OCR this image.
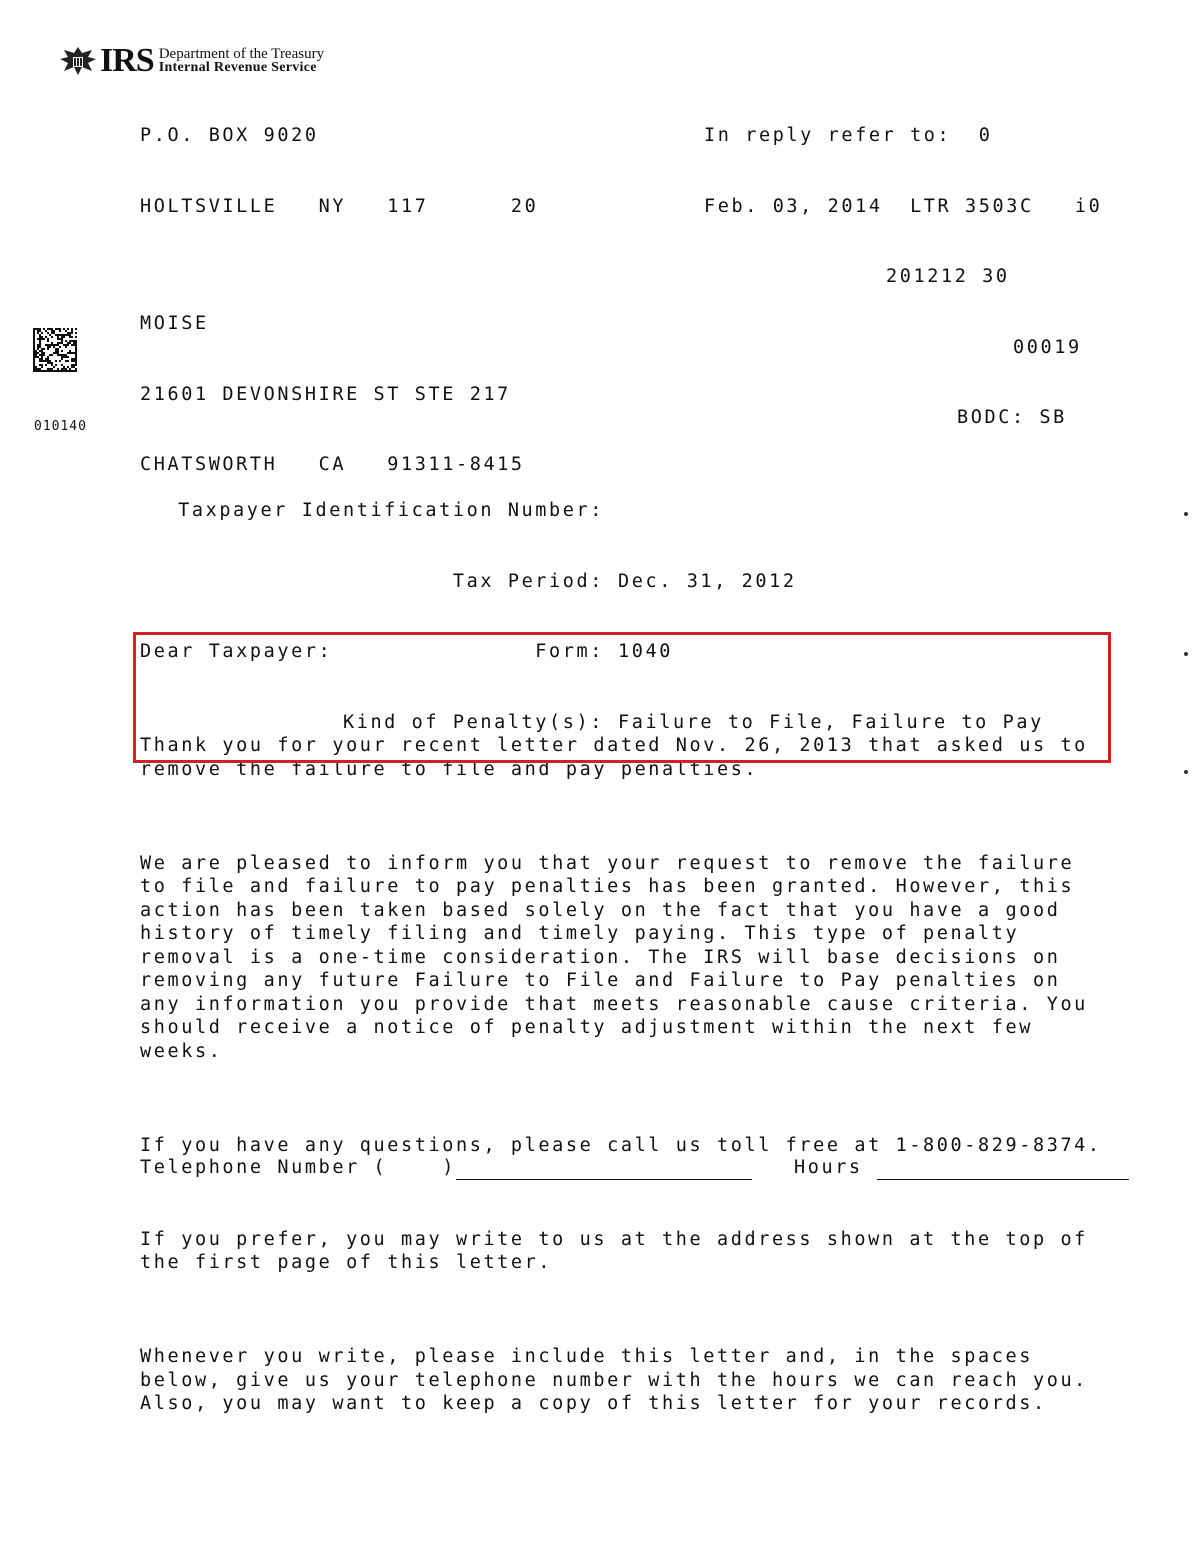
IRS Department of the Treasury
Internal Revenue Service

P.O. BOX 9020

HOLTSVILLE   NY   117      20

In reply refer to:  0

Feb. 03, 2014  LTR 3503C   i0

201212 30

00019

BODC: SB

MOISE

21601 DEVONSHIRE ST STE 217

CHATSWORTH   CA   91311-8415

010140

Taxpayer Identification Number:

Tax Period: Dec. 31, 2012

Form: 1040

Kind of Penalty(s): Failure to File, Failure to Pay

Dear Taxpayer:

Thank you for your recent letter dated Nov. 26, 2013 that asked us to
remove the failure to file and pay penalties.

We are pleased to inform you that your request to remove the failure
to file and failure to pay penalties has been granted. However, this
action has been taken based solely on the fact that you have a good
history of timely filing and timely paying. This type of penalty
removal is a one-time consideration. The IRS will base decisions on
removing any future Failure to File and Failure to Pay penalties on
any information you provide that meets reasonable cause criteria. You
should receive a notice of penalty adjustment within the next few
weeks.

If you have any questions, please call us toll free at 1-800-829-8374.

If you prefer, you may write to us at the address shown at the top of
the first page of this letter.

Whenever you write, please include this letter and, in the spaces
below, give us your telephone number with the hours we can reach you.
Also, you may want to keep a copy of this letter for your records.

Telephone Number (    )	Hours
